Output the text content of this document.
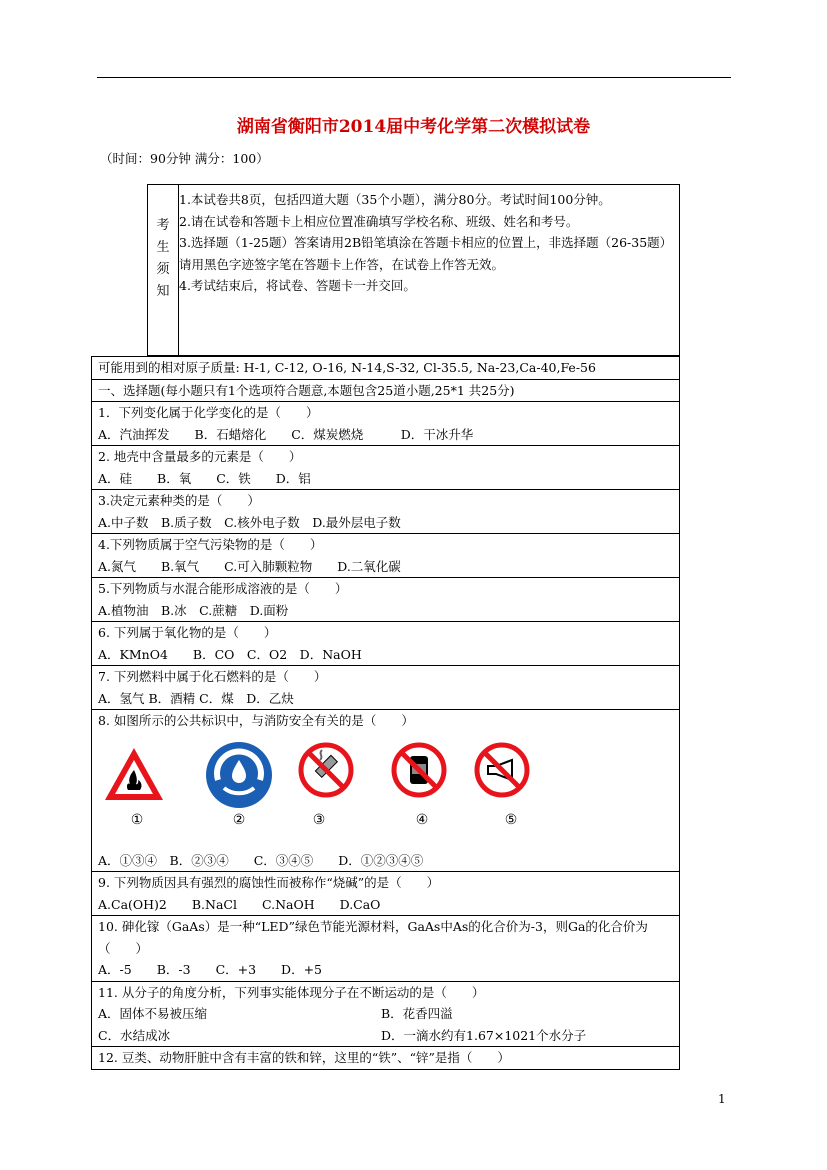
湖南省衡阳市2014届中考化学第二次模拟试卷
（时间：90分钟 满分：100）
考
生
须
知
1.本试卷共8页，包括四道大题（35个小题），满分80分。考试时间100分钟。
2.请在试卷和答题卡上相应位置准确填写学校名称、班级、姓名和考号。
3.选择题（1-25题）答案请用2B铅笔填涂在答题卡相应的位置上，非选择题（26-35题）请用黑色字迹签字笔在答题卡上作答，在试卷上作答无效。
4.考试结束后，将试卷、答题卡一并交回。
可能用到的相对原子质量: H-1, C-12, O-16, N-14,S-32, Cl-35.5, Na-23,Ca-40,Fe-56
一、选择题(每小题只有1个选项符合题意,本题包含25道小题,25*1 共25分)

1．下列变化属于化学变化的是（　　）
A．汽油挥发　　B．石蜡熔化　　C．煤炭燃烧　　　D．干冰升华

2. 地壳中含量最多的元素是（　　）
A．硅　　B．氧　　C．铁　　D．铝

3.决定元素种类的是（　　）
A.中子数　B.质子数　C.核外电子数　D.最外层电子数

4.下列物质属于空气污染物的是（　　）
A.氮气　　B.氧气　　C.可入肺颗粒物　　D.二氧化碳

5.下列物质与水混合能形成溶液的是（　　）
A.植物油　B.冰　C.蔗糖　D.面粉

6. 下列属于氧化物的是（　　）
A．KMnO4　　B．CO　C．O2　D．NaOH

7. 下列燃料中属于化石燃料的是（　　）
A．氢气 B．酒精 C．煤　D．乙炔

8. 如图所示的公共标识中，与消防安全有关的是（　　）
①	②	③	④	⑤
A．①③④　B．②③④　　C．③④⑤　　D．①②③④⑤

9. 下列物质因具有强烈的腐蚀性而被称作“烧碱”的是（　　）
A.Ca(OH)2　　B.NaCl　　C.NaOH　　D.CaO

10. 砷化镓（GaAs）是一种“LED”绿色节能光源材料，GaAs中As的化合价为-3，则Ga的化合价为（　　）
A．-5　　B．-3　　C．+3　　D．+5

11. 从分子的角度分析，下列事实能体现分子在不断运动的是（　　）
A．固体不易被压缩	B．花香四溢
C．水结成冰	D．一滴水约有1.67×1021个水分子

12. 豆类、动物肝脏中含有丰富的铁和锌，这里的“铁”、“锌”是指（　　）
1
